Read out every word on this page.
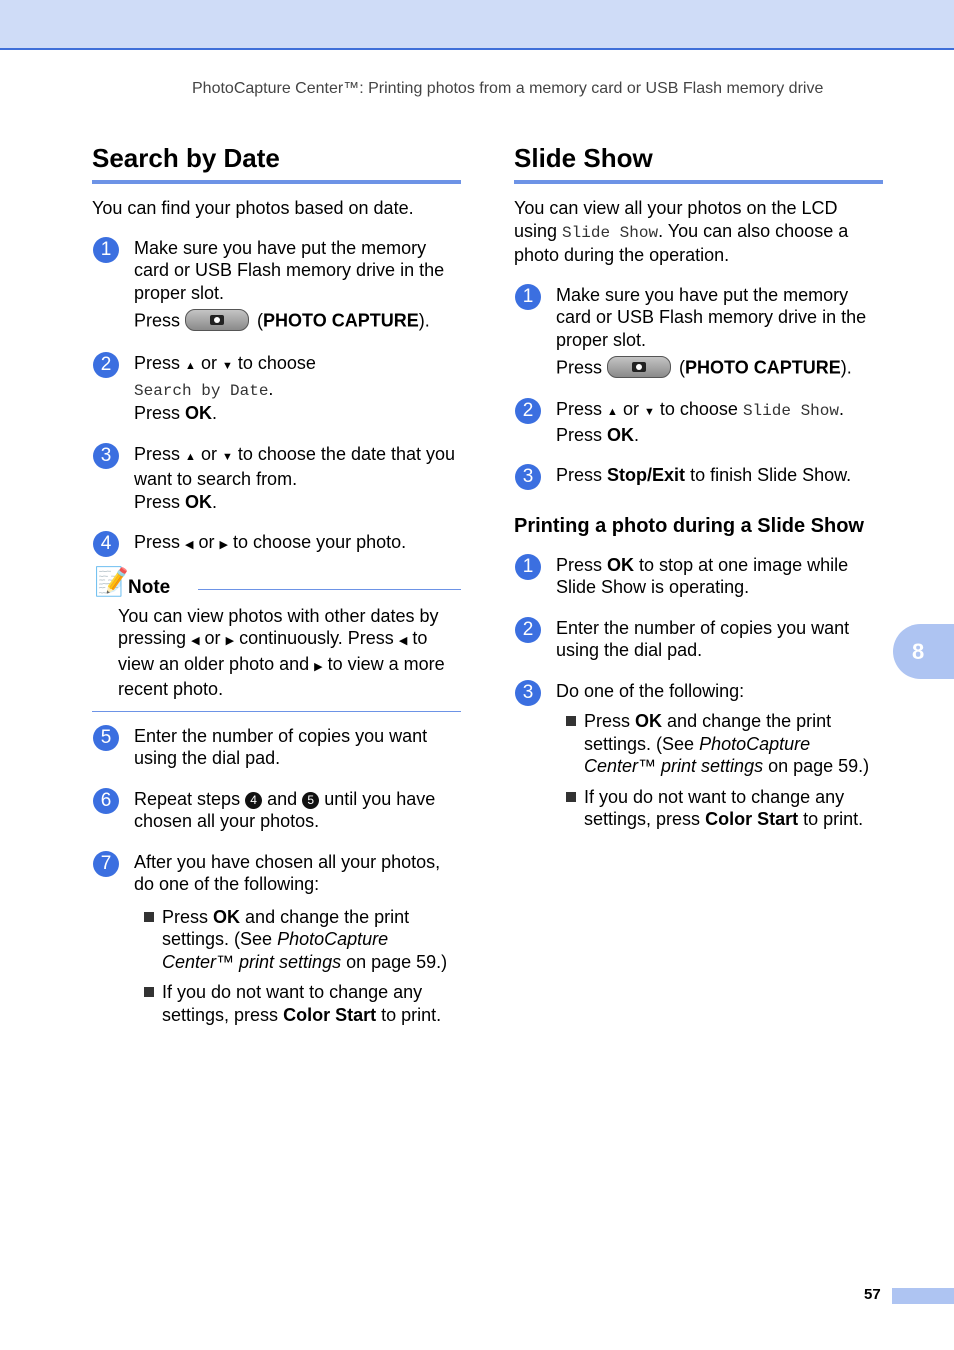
PhotoCapture Center™: Printing photos from a memory card or USB Flash memory drive
Search by Date
You can find your photos based on date.
1	Make sure you have put the memory card or USB Flash memory drive in the proper slot.
Press	(PHOTO CAPTURE).
2	Press ▲ or ▼ to choose
Search by Date.
Press OK.
3	Press ▲ or ▼ to choose the date that you want to search from.
Press OK.
4	Press ◀ or ▶ to choose your photo.
📝 Note
You can view photos with other dates by pressing ◀ or ▶ continuously. Press ◀ to view an older photo and ▶ to view a more recent photo.
5	Enter the number of copies you want using the dial pad.
6	Repeat steps 4 and 5 until you have chosen all your photos.
7	After you have chosen all your photos, do one of the following:
Press OK and change the print settings. (See PhotoCapture Center™ print settings on page 59.)
If you do not want to change any settings, press Color Start to print.
Slide Show
You can view all your photos on the LCD using Slide Show. You can also choose a photo during the operation.
1	Make sure you have put the memory card or USB Flash memory drive in the proper slot.
Press	(PHOTO CAPTURE).
2	Press ▲ or ▼ to choose Slide Show.
Press OK.
3	Press Stop/Exit to finish Slide Show.
Printing a photo during a Slide Show
1	Press OK to stop at one image while Slide Show is operating.
2	Enter the number of copies you want using the dial pad.
3	Do one of the following:
Press OK and change the print settings. (See PhotoCapture Center™ print settings on page 59.)
If you do not want to change any settings, press Color Start to print.
8
57
